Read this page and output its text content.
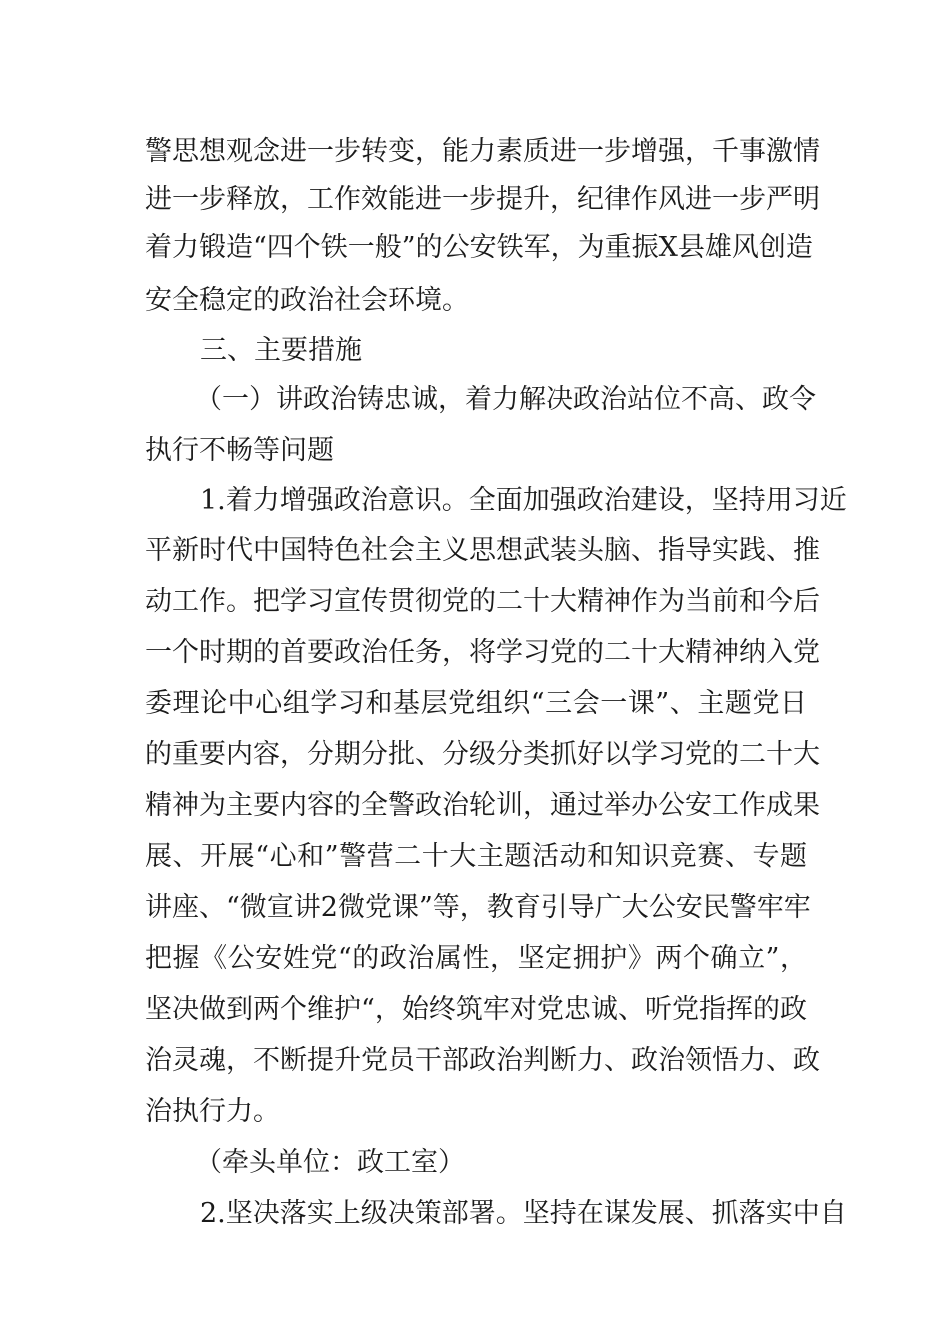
警思想观念进一步转变，能力素质进一步增强，千事激情
进一步释放，工作效能进一步提升，纪律作风进一步严明
着力锻造“四个铁一般”的公安铁军，为重振X县雄风创造
安全稳定的政治社会环境。
三、主要措施
（一）讲政治铸忠诚，着力解决政治站位不高、政令
执行不畅等问题
1.着力增强政治意识。全面加强政治建设，坚持用习近
平新时代中国特色社会主义思想武装头脑、指导实践、推
动工作。把学习宣传贯彻党的二十大精神作为当前和今后
一个时期的首要政治任务，将学习党的二十大精神纳入党
委理论中心组学习和基层党组织“三会一课”、主题党日
的重要内容，分期分批、分级分类抓好以学习党的二十大
精神为主要内容的全警政治轮训，通过举办公安工作成果
展、开展“心和”警营二十大主题活动和知识竞赛、专题
讲座、“微宣讲2微党课”等，教育引导广大公安民警牢牢
把握《公安姓党“的政治属性，坚定拥护》两个确立”，
坚决做到两个维护“，始终筑牢对党忠诚、听党指挥的政
治灵魂，不断提升党员干部政治判断力、政治领悟力、政
治执行力。
（牵头单位：政工室）
2.坚决落实上级决策部署。坚持在谋发展、抓落实中自
